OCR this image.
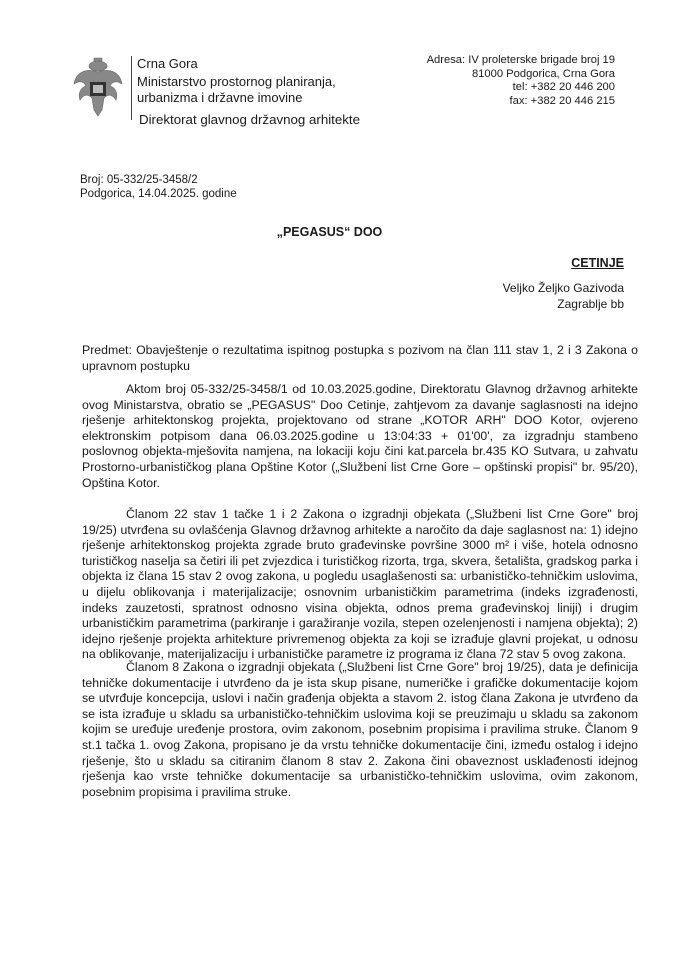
Crna Gora
Ministarstvo prostornog planiranja,
urbanizma i državne imovine
Direktorat glavnog državnog arhitekte
Adresa: IV proleterske brigade broj 19
81000 Podgorica, Crna Gora
tel: +382 20 446 200
fax: +382 20 446 215
Broj: 05-332/25-3458/2
Podgorica, 14.04.2025. godine
„PEGASUS“ DOO
CETINJE
Veljko Željko Gazivoda
Zagrablje bb
Predmet: Obavještenje o rezultatima ispitnog postupka s pozivom na član 111 stav 1, 2 i 3 Zakona o upravnom postupku
Aktom broj 05-332/25-3458/1 od 10.03.2025.godine, Direktoratu Glavnog državnog arhitekte ovog Ministarstva, obratio se „PEGASUS" Doo Cetinje, zahtjevom za davanje saglasnosti na idejno rješenje arhitektonskog projekta, projektovano od strane „KOTOR ARH" DOO Kotor, ovjereno elektronskim potpisom dana 06.03.2025.godine u 13:04:33 + 01'00', za izgradnju stambeno poslovnog objekta-mješovita namjena, na lokaciji koju čini kat.parcela br.435 KO Sutvara, u zahvatu Prostorno-urbanističkog plana Opštine Kotor („Službeni list Crne Gore – opštinski propisi" br. 95/20), Opština Kotor.
Članom 22 stav 1 tačke 1 i 2 Zakona o izgradnji objekata („Službeni list Crne Gore" broj 19/25) utvrđena su ovlašćenja Glavnog državnog arhitekte a naročito da daje saglasnost na: 1) idejno rješenje arhitektonskog projekta zgrade bruto građevinske površine 3000 m² i više, hotela odnosno turističkog naselja sa četiri ili pet zvjezdica i turističkog rizorta, trga, skvera, šetališta, gradskog parka i objekta iz člana 15 stav 2 ovog zakona, u pogledu usaglašenosti sa: urbanističko-tehničkim uslovima, u dijelu oblikovanja i materijalizacije; osnovnim urbanističkim parametrima (indeks izgrađenosti, indeks zauzetosti, spratnost odnosno visina objekta, odnos prema građevinskoj liniji) i drugim urbanističkim parametrima (parkiranje i garažiranje vozila, stepen ozelenjenosti i namjena objekta); 2) idejno rješenje projekta arhitekture privremenog objekta za koji se izrađuje glavni projekat, u odnosu na oblikovanje, materijalizaciju i urbanističke parametre iz programa iz člana 72 stav 5 ovog zakona.
Članom 8 Zakona o izgradnji objekata („Službeni list Crne Gore" broj 19/25), data je definicija tehničke dokumentacije i utvrđeno da je ista skup pisane, numeričke i grafičke dokumentacije kojom se utvrđuje koncepcija, uslovi i način građenja objekta a stavom 2. istog člana Zakona je utvrđeno da se ista izrađuje u skladu sa urbanističko-tehničkim uslovima koji se preuzimaju u skladu sa zakonom kojim se uređuje uređenje prostora, ovim zakonom, posebnim propisima i pravilima struke. Članom 9 st.1 tačka 1. ovog Zakona, propisano je da vrstu tehničke dokumentacije čini, između ostalog i idejno rješenje, što u skladu sa citiranim članom 8 stav 2. Zakona čini obaveznost usklađenosti idejnog rješenja kao vrste tehničke dokumentacije sa urbanističko-tehničkim uslovima, ovim zakonom, posebnim propisima i pravilima struke.
